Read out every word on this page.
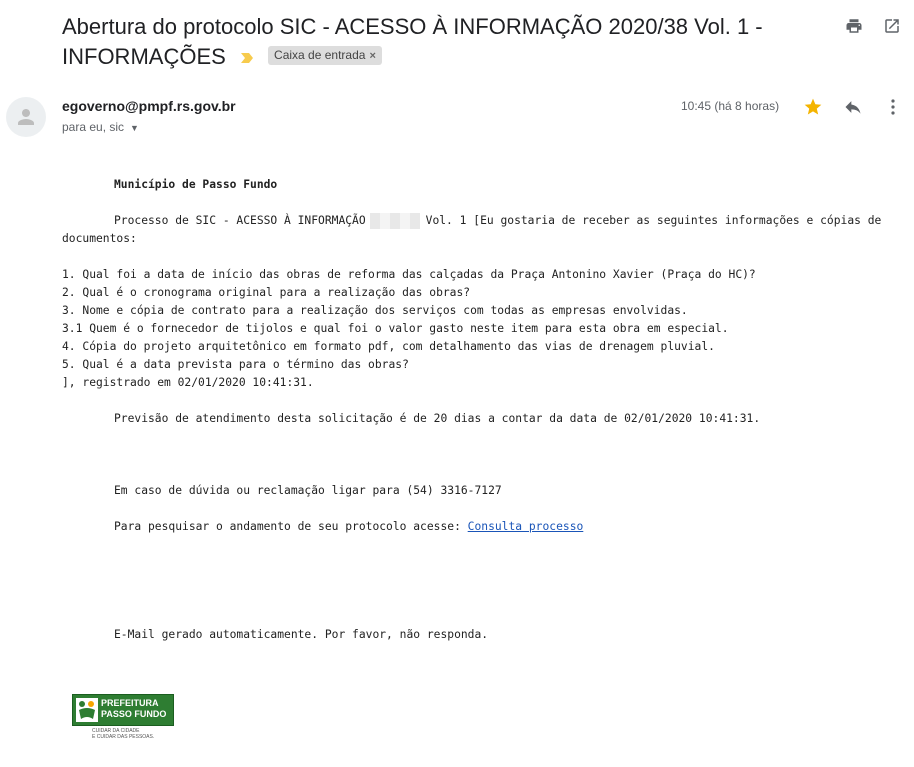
Abertura do protocolo SIC - ACESSO À INFORMAÇÃO 2020/38 Vol. 1 - INFORMAÇÕES	Caixa de entrada ×
egoverno@pmpf.rs.gov.br
para eu, sic ▼
10:45 (há 8 horas)
Município de Passo Fundo
Processo de SIC - ACESSO À INFORMAÇÃO	Vol. 1 [Eu gostaria de receber as seguintes informações e cópias de
documentos:
1. Qual foi a data de início das obras de reforma das calçadas da Praça Antonino Xavier (Praça do HC)?
2. Qual é o cronograma original para a realização das obras?
3. Nome e cópia de contrato para a realização dos serviços com todas as empresas envolvidas.
3.1 Quem é o fornecedor de tijolos e qual foi o valor gasto neste item para esta obra em especial.
4. Cópia do projeto arquitetônico em formato pdf, com detalhamento das vias de drenagem pluvial.
5. Qual é a data prevista para o término das obras?
], registrado em 02/01/2020 10:41:31.
Previsão de atendimento desta solicitação é de 20 dias a contar da data de 02/01/2020 10:41:31.
Em caso de dúvida ou reclamação ligar para (54) 3316-7127
Para pesquisar o andamento de seu protocolo acesse: Consulta processo
E-Mail gerado automaticamente. Por favor, não responda.
PREFEITURA
PASSO FUNDO
CUIDAR DA CIDADE
E CUIDAR DAS PESSOAS.
